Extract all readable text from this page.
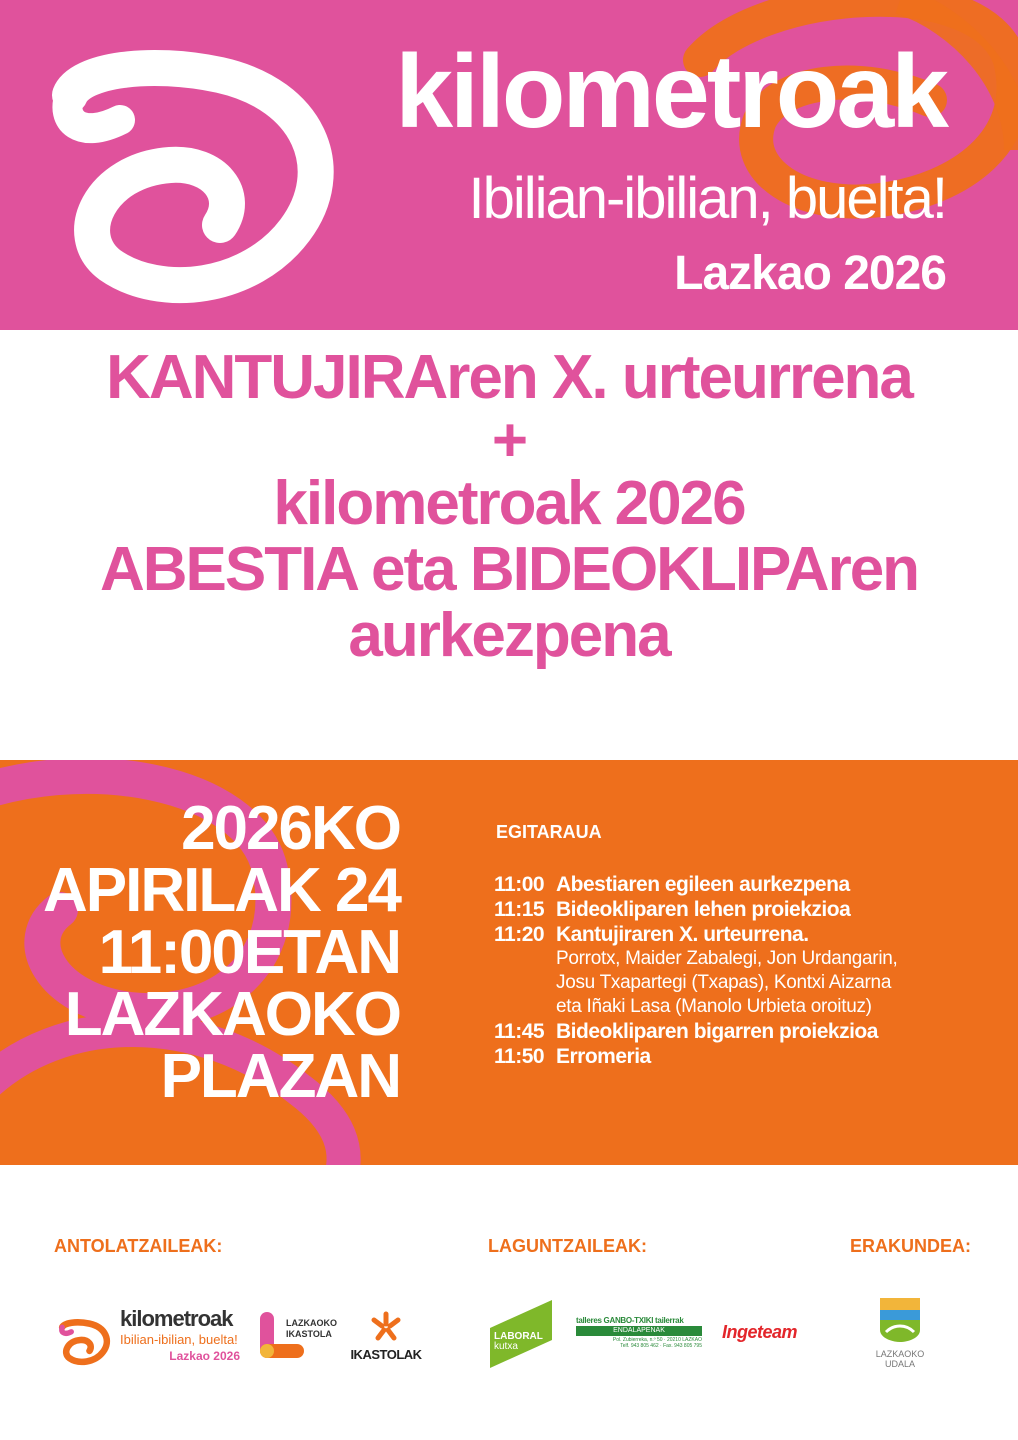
kilometroak
Ibilian-ibilian, buelta!
Lazkao 2026
KANTUJIRAren X. urteurrena
+
kilometroak 2026
ABESTIA eta BIDEOKLIPAren
aurkezpena
2026KO
APIRILAK 24
11:00ETAN
LAZKAOKO
PLAZAN
EGITARAUA
11:00 Abestiaren egileen aurkezpena
11:15 Bideokliparen lehen proiekzioa
11:20 Kantujiraren X. urteurrena.
Porrotx, Maider Zabalegi, Jon Urdangarin,
Josu Txapartegi (Txapas), Kontxi Aizarna
eta Iñaki Lasa (Manolo Urbieta oroituz)
11:45 Bideokliparen bigarren proiekzioa
11:50 Erromeria
ANTOLATZAILEAK:	LAGUNTZAILEAK:	ERAKUNDEA:
kilometroak
Ibilian-ibilian, buelta!
Lazkao 2026
LAZKAOKO
IKASTOLA
IKASTOLAK
LABORAL
kutxa
talleres GANBO-TXIKI tailerrak
ENDALAPENAK
Pol. Zubierreka, n.º 50 · 20210 LAZKAO
Telf. 943 805 462 · Fax. 943 805 795
Ingeteam
LAZKAOKO
UDALA
